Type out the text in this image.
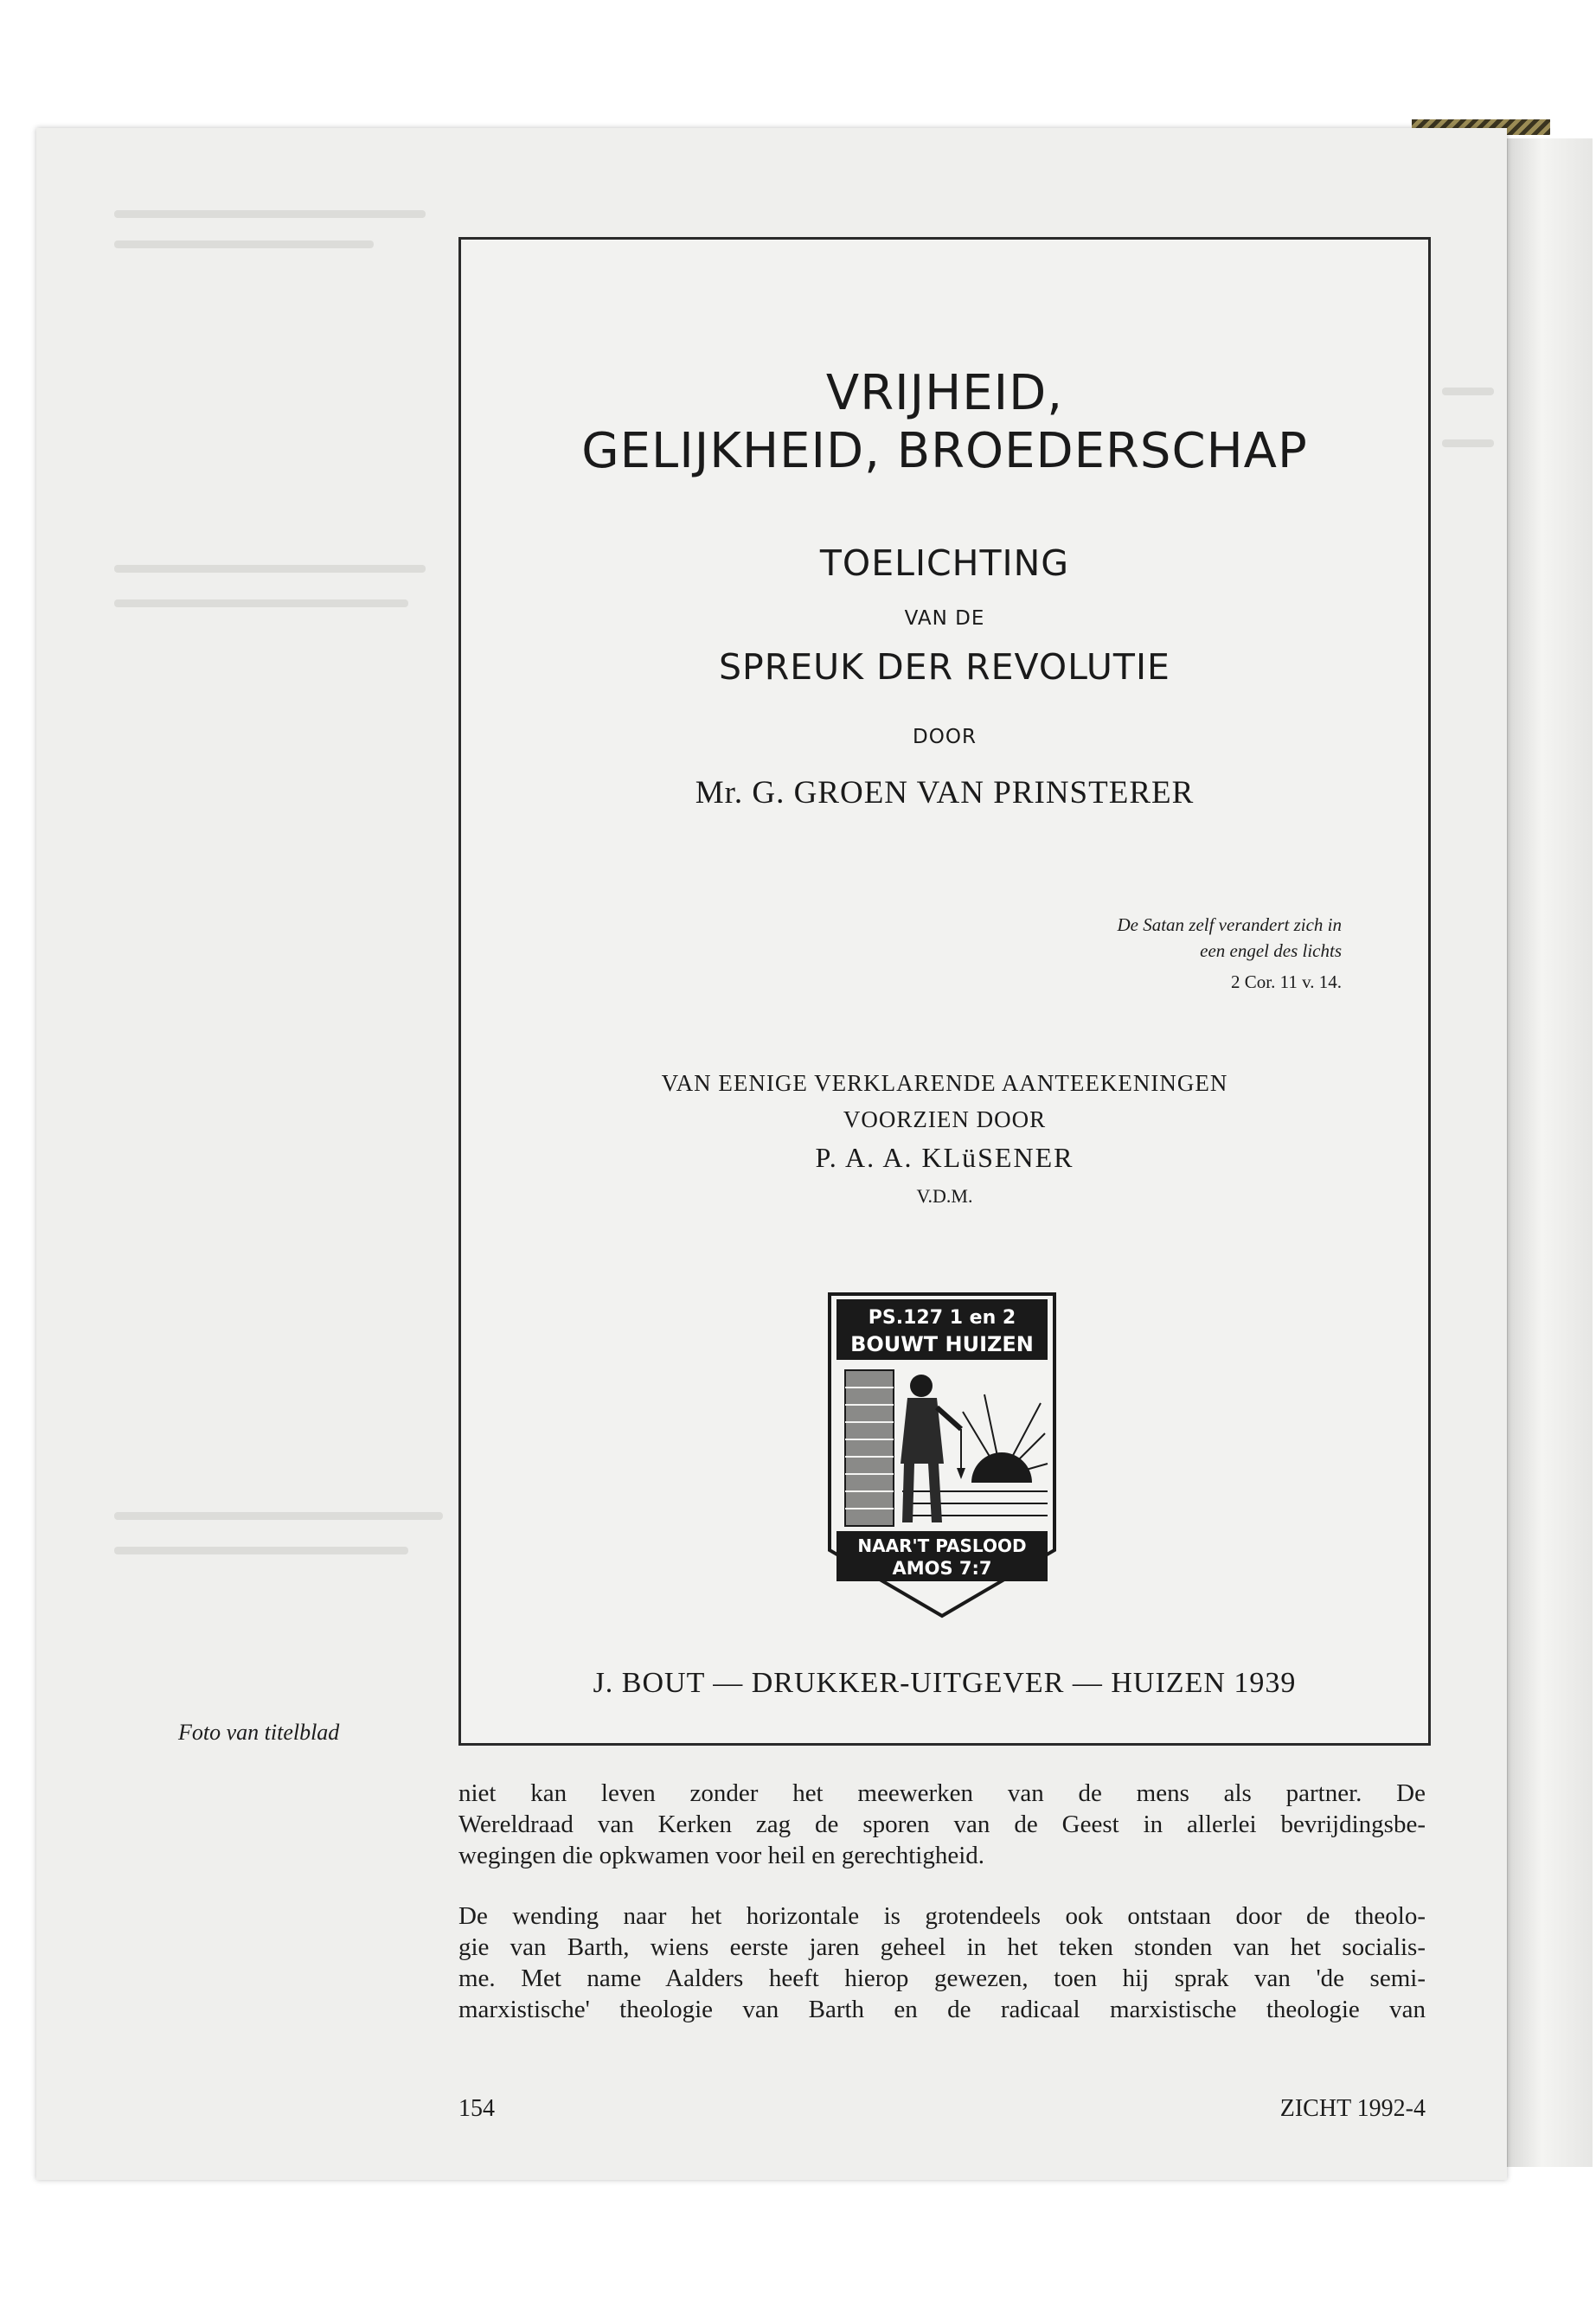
VRIJHEID,
GELIJKHEID, BROEDERSCHAP
TOELICHTING
VAN DE
SPREUK DER REVOLUTIE
DOOR
Mr. G. GROEN VAN PRINSTERER
De Satan zelf verandert zich in
een engel des lichts
2 Cor. 11 v. 14.
VAN EENIGE VERKLARENDE AANTEEKENINGEN
VOORZIEN DOOR
P. A. A. KLüSENER
V.D.M.
PS.127 1 en 2
BOUWT HUIZEN
NAAR'T PASLOOD
AMOS 7:7
J. BOUT — DRUKKER-UITGEVER — HUIZEN 1939
Foto van titelblad
niet kan leven zonder het meewerken van de mens als partner. De
Wereldraad van Kerken zag de sporen van de Geest in allerlei bevrijdingsbe-
wegingen die opkwamen voor heil en gerechtigheid.
De wending naar het horizontale is grotendeels ook ontstaan door de theolo-
gie van Barth, wiens eerste jaren geheel in het teken stonden van het socialis-
me. Met name Aalders heeft hierop gewezen, toen hij sprak van 'de semi-
marxistische' theologie van Barth en de radicaal marxistische theologie van
154	ZICHT 1992-4
